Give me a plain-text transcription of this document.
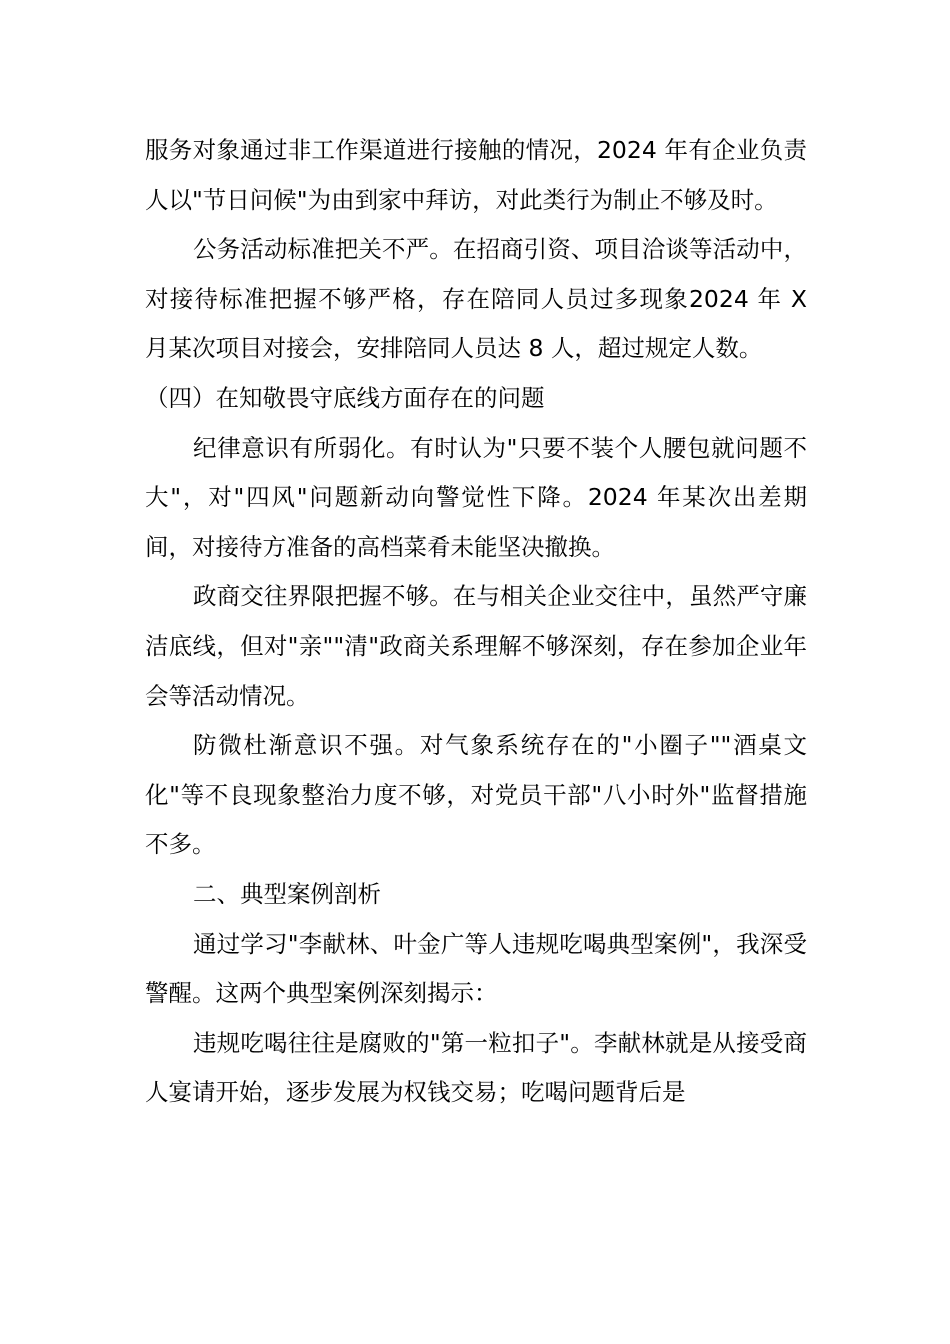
服务对象通过非工作渠道进行接触的情况，2024 年有企业负责人以"节日问候"为由到家中拜访，对此类行为制止不够及时。

公务活动标准把关不严。在招商引资、项目洽谈等活动中，对接待标准把握不够严格，存在陪同人员过多现象2024 年 X 月某次项目对接会，安排陪同人员达 8 人，超过规定人数。

（四）在知敬畏守底线方面存在的问题

纪律意识有所弱化。有时认为"只要不装个人腰包就问题不大"，对"四风"问题新动向警觉性下降。2024 年某次出差期间，对接待方准备的高档菜肴未能坚决撤换。

政商交往界限把握不够。在与相关企业交往中，虽然严守廉洁底线，但对"亲""清"政商关系理解不够深刻，存在参加企业年会等活动情况。

防微杜渐意识不强。对气象系统存在的"小圈子""酒桌文化"等不良现象整治力度不够，对党员干部"八小时外"监督措施不多。

二、典型案例剖析

通过学习"李献林、叶金广等人违规吃喝典型案例"，我深受警醒。这两个典型案例深刻揭示：

违规吃喝往往是腐败的"第一粒扣子"。李献林就是从接受商人宴请开始，逐步发展为权钱交易；吃喝问题背后是
